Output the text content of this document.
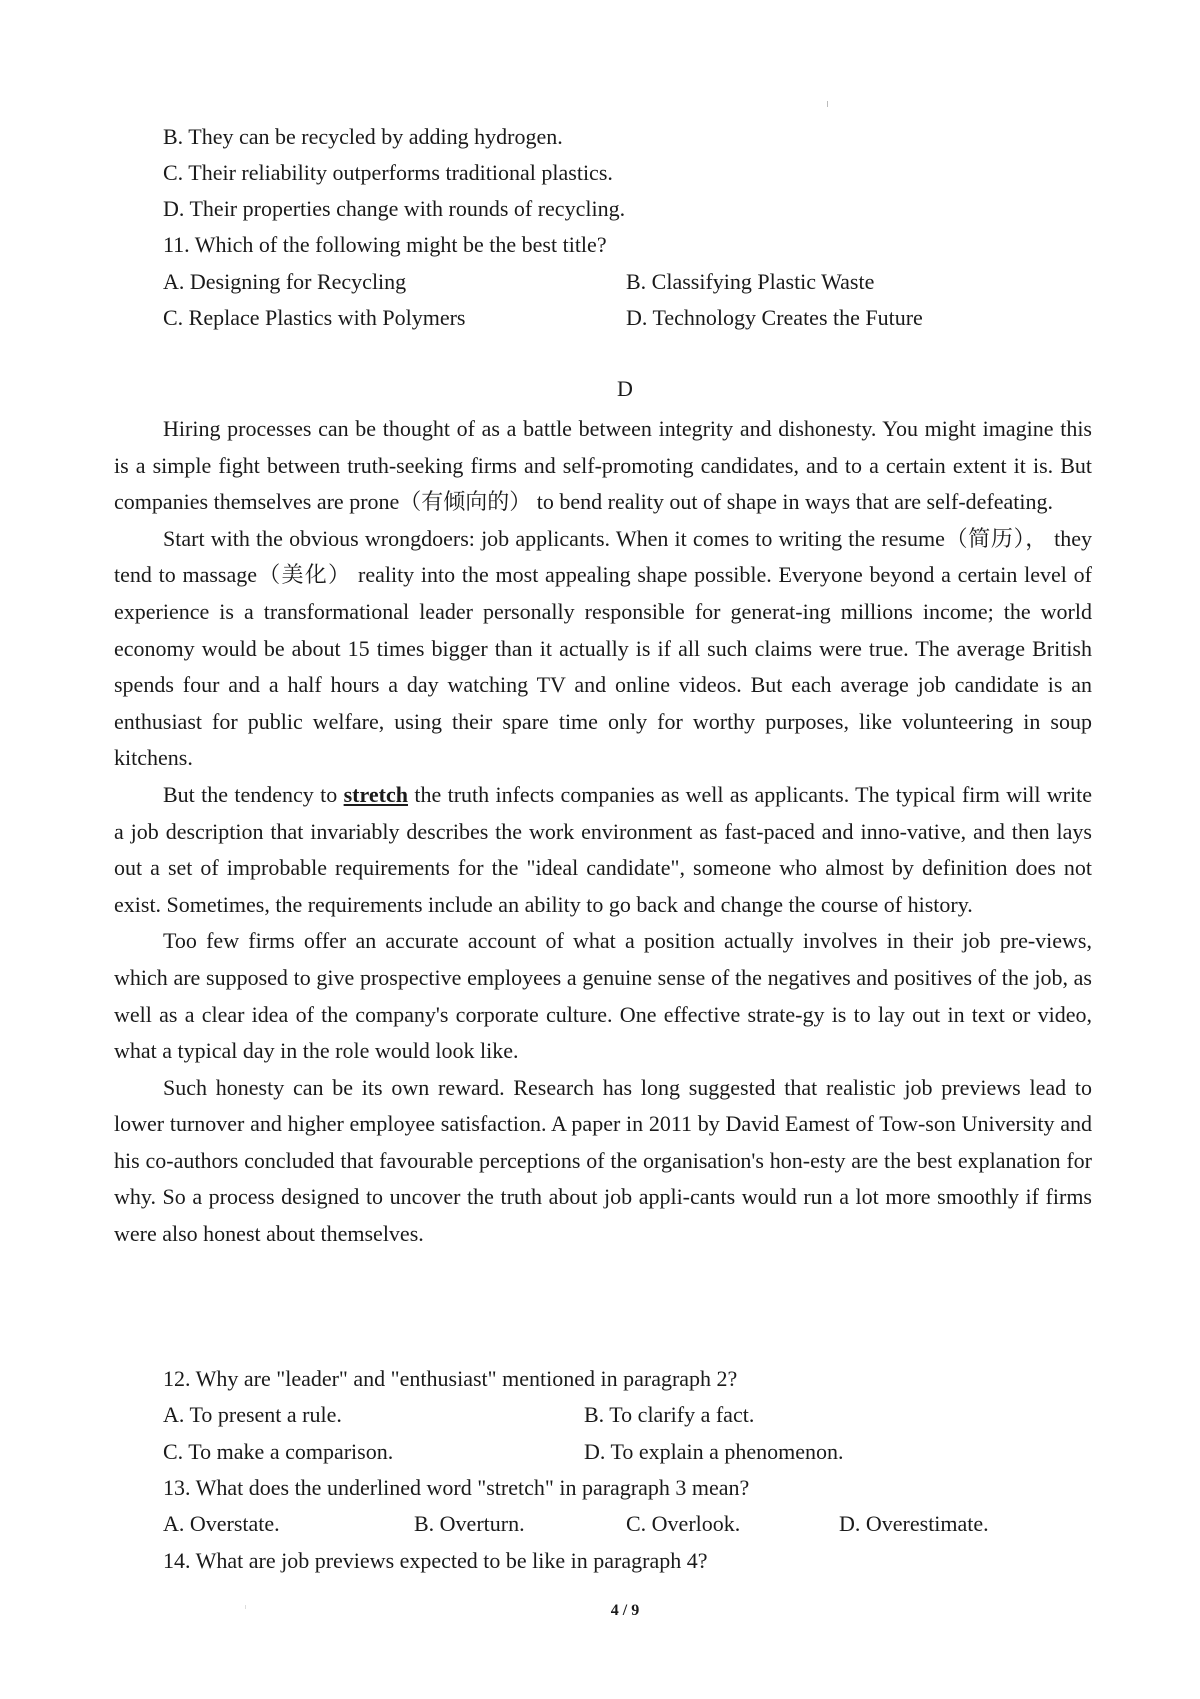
B. They can be recycled by adding hydrogen.
C. Their reliability outperforms traditional plastics.
D. Their properties change with rounds of recycling.
11. Which of the following might be the best title?
A. Designing for Recycling	B. Classifying Plastic Waste
C. Replace Plastics with Polymers	D. Technology Creates the Future
D

Hiring processes can be thought of as a battle between integrity and dishonesty. You might imagine this is a simple fight between truth-seeking firms and self-promoting candidates, and to a certain extent it is. But companies themselves are prone（有倾向的） to bend reality out of shape in ways that are self-defeating.

Start with the obvious wrongdoers: job applicants. When it comes to writing the resume（简历）， they tend to massage（美化） reality into the most appealing shape possible. Everyone beyond a certain level of experience is a transformational leader personally responsible for generat-ing millions income; the world economy would be about 15 times bigger than it actually is if all such claims were true. The average British spends four and a half hours a day watching TV and online videos. But each average job candidate is an enthusiast for public welfare, using their spare time only for worthy purposes, like volunteering in soup kitchens.

But the tendency to stretch the truth infects companies as well as applicants. The typical firm will write a job description that invariably describes the work environment as fast-paced and inno-vative, and then lays out a set of improbable requirements for the "ideal candidate", someone who almost by definition does not exist. Sometimes, the requirements include an ability to go back and change the course of history.

Too few firms offer an accurate account of what a position actually involves in their job pre-views, which are supposed to give prospective employees a genuine sense of the negatives and positives of the job, as well as a clear idea of the company's corporate culture. One effective strate-gy is to lay out in text or video, what a typical day in the role would look like.

Such honesty can be its own reward. Research has long suggested that realistic job previews lead to lower turnover and higher employee satisfaction. A paper in 2011 by David Eamest of Tow-son University and his co-authors concluded that favourable perceptions of the organisation's hon-esty are the best explanation for why. So a process designed to uncover the truth about job appli-cants would run a lot more smoothly if firms were also honest about themselves.

12. Why are "leader" and "enthusiast" mentioned in paragraph 2?
A. To present a rule.	B. To clarify a fact.
C. To make a comparison.	D. To explain a phenomenon.
13. What does the underlined word "stretch" in paragraph 3 mean?
A. Overstate.	B. Overturn.	C. Overlook.	D. Overestimate.
14. What are job previews expected to be like in paragraph 4?
4 / 9
